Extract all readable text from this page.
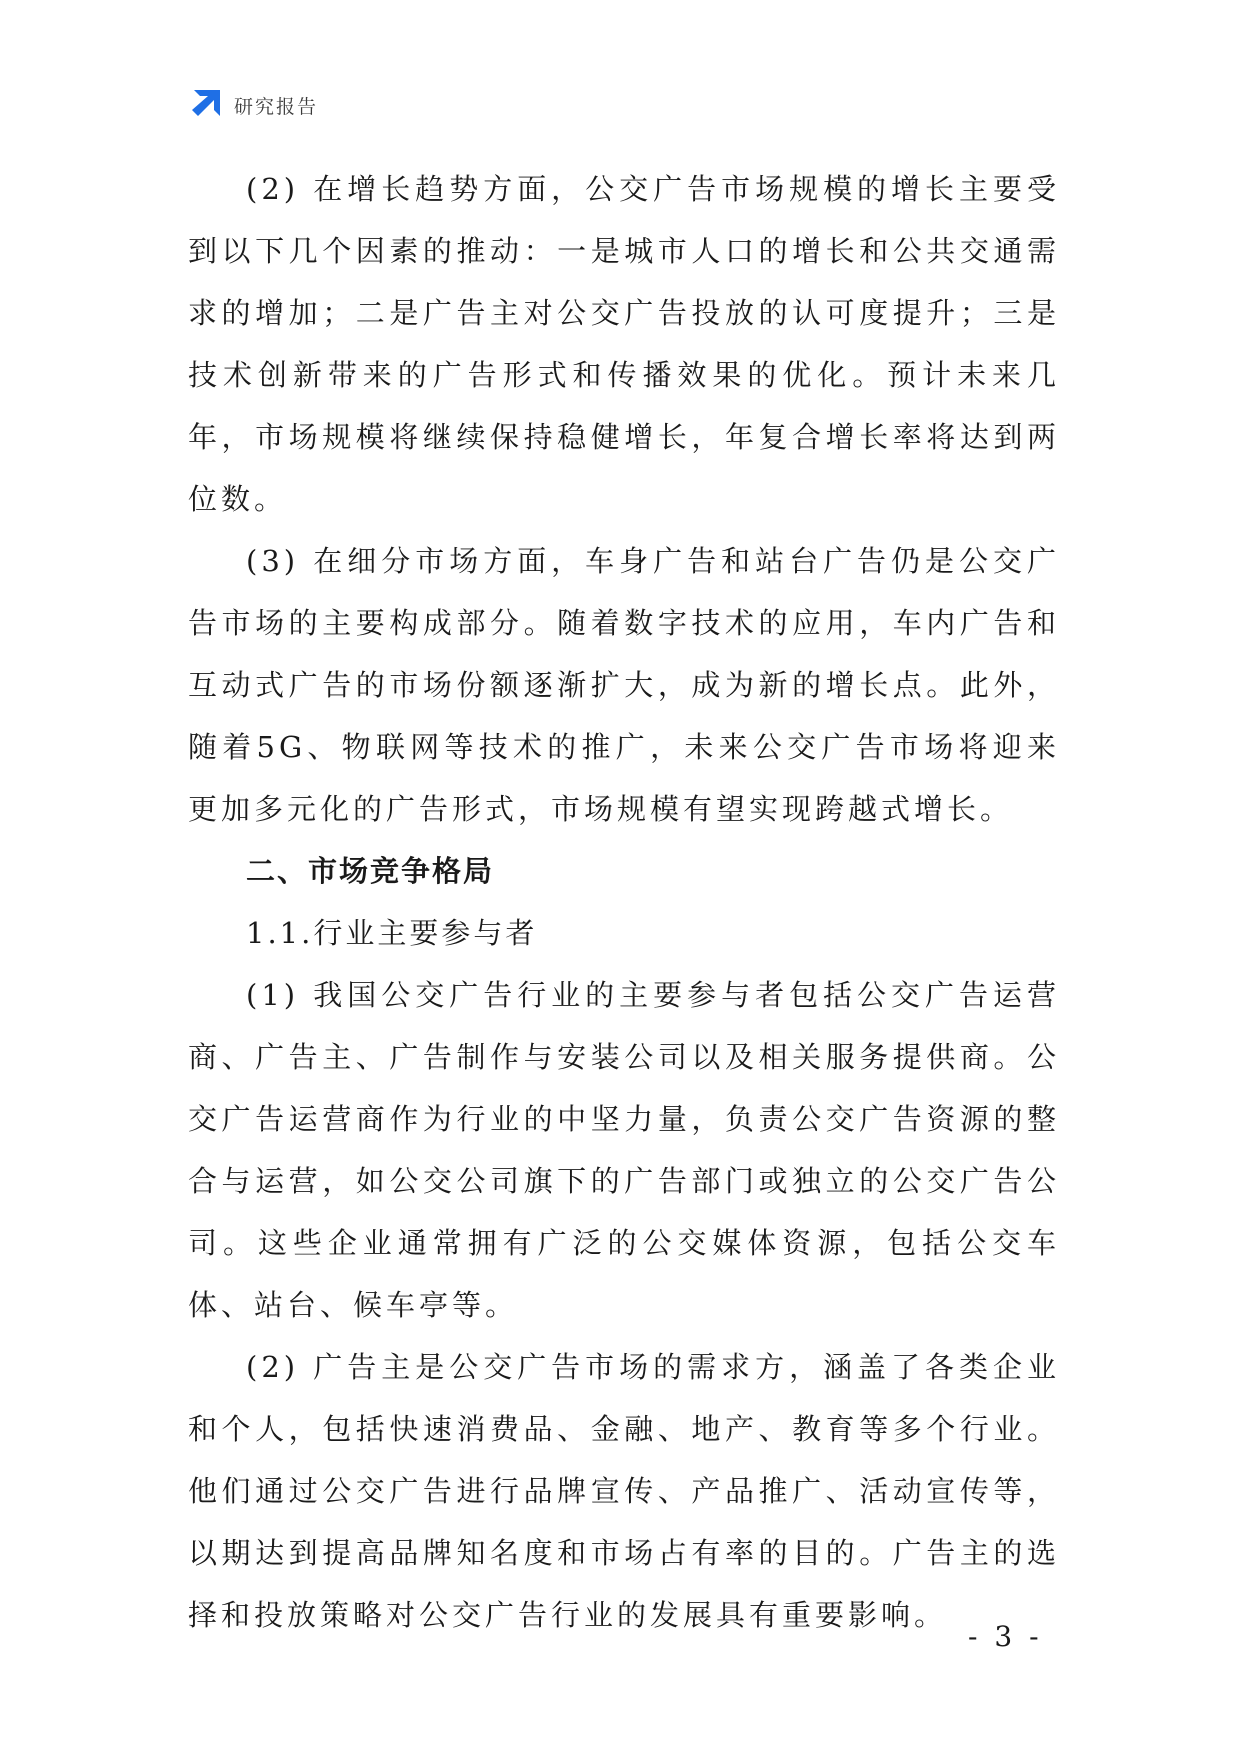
研究报告

(2) 在增长趋势方面，公交广告市场规模的增长主要受到以下几个因素的推动：一是城市人口的增长和公共交通需求的增加；二是广告主对公交广告投放的认可度提升；三是技术创新带来的广告形式和传播效果的优化。预计未来几年，市场规模将继续保持稳健增长，年复合增长率将达到两位数。

(3) 在细分市场方面，车身广告和站台广告仍是公交广告市场的主要构成部分。随着数字技术的应用，车内广告和互动式广告的市场份额逐渐扩大，成为新的增长点。此外，随着5G、物联网等技术的推广，未来公交广告市场将迎来更加多元化的广告形式，市场规模有望实现跨越式增长。

二、市场竞争格局

1.1.行业主要参与者

(1) 我国公交广告行业的主要参与者包括公交广告运营商、广告主、广告制作与安装公司以及相关服务提供商。公交广告运营商作为行业的中坚力量，负责公交广告资源的整合与运营，如公交公司旗下的广告部门或独立的公交广告公司。这些企业通常拥有广泛的公交媒体资源，包括公交车体、站台、候车亭等。

(2) 广告主是公交广告市场的需求方，涵盖了各类企业和个人，包括快速消费品、金融、地产、教育等多个行业。他们通过公交广告进行品牌宣传、产品推广、活动宣传等，以期达到提高品牌知名度和市场占有率的目的。广告主的选择和投放策略对公交广告行业的发展具有重要影响。

- 3 -
